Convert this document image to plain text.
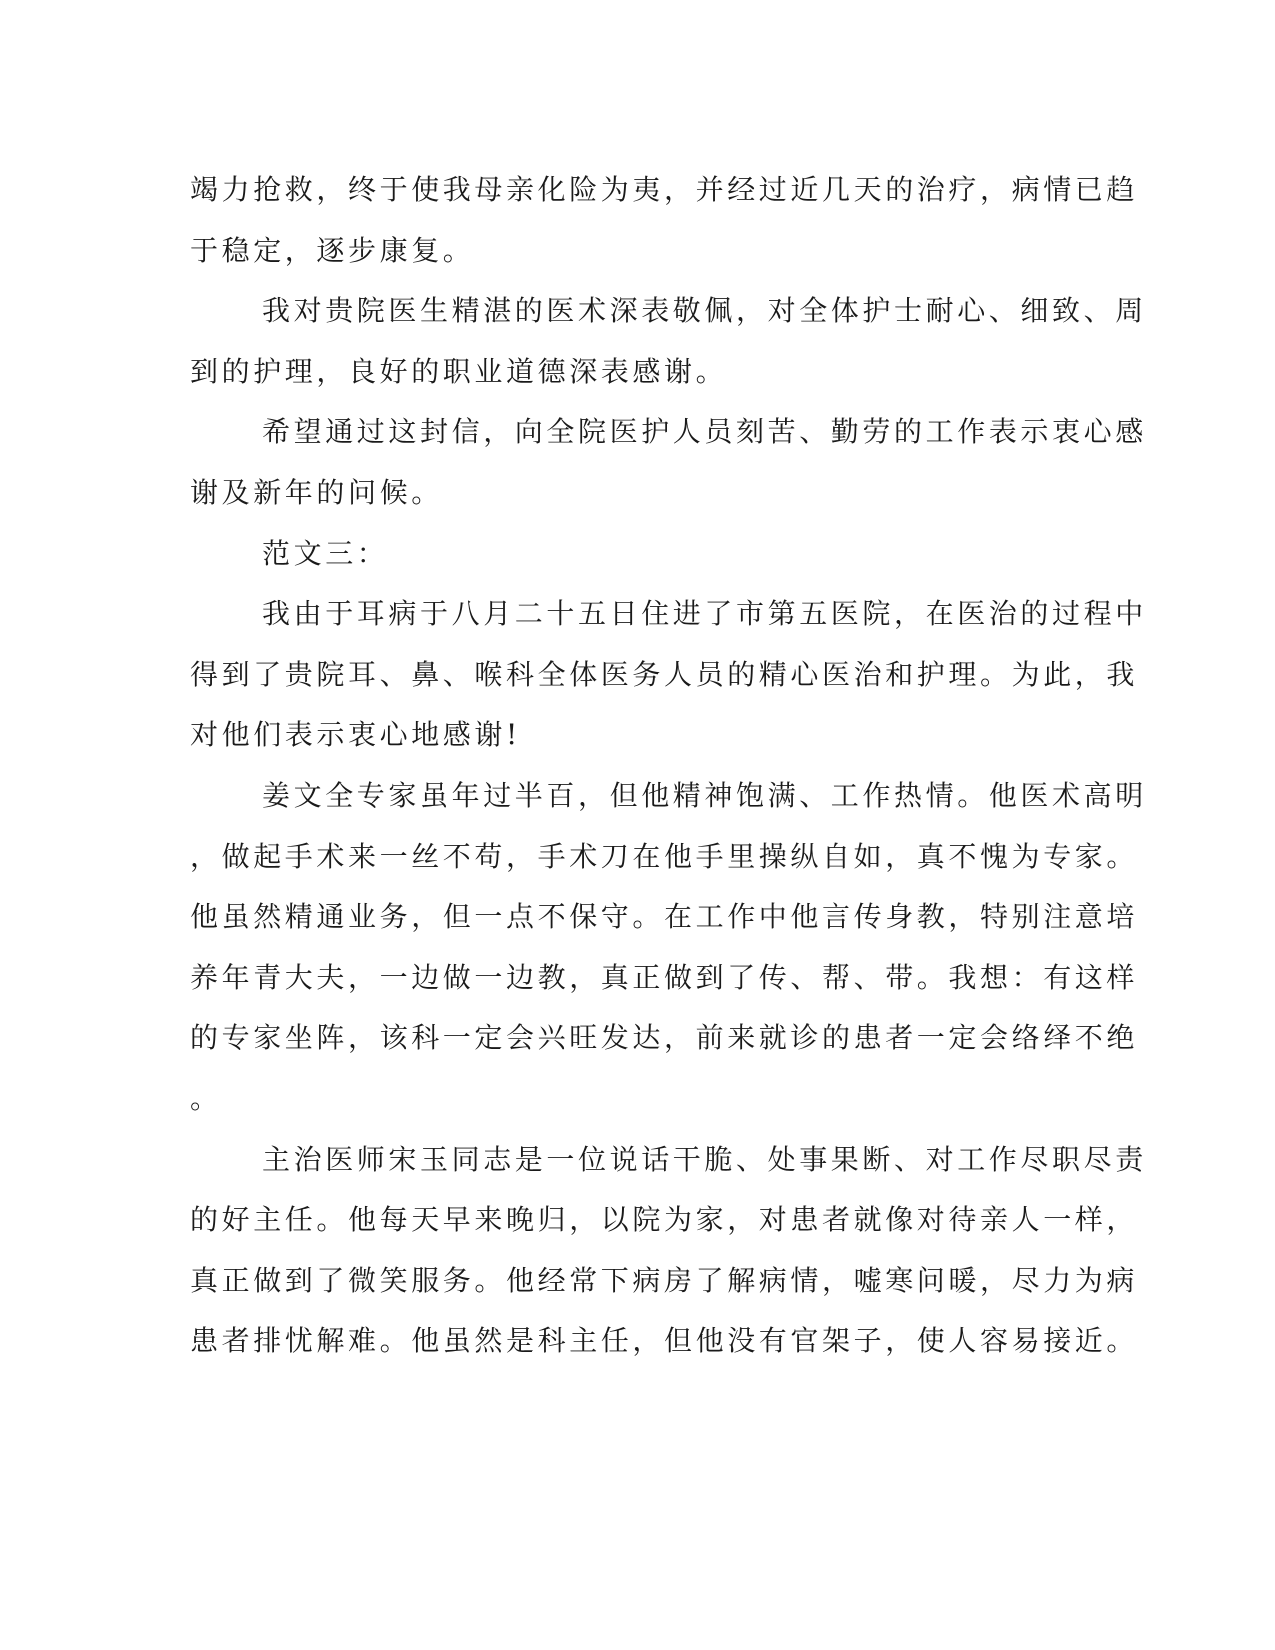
竭力抢救，终于使我母亲化险为夷，并经过近几天的治疗，病情已趋
于稳定，逐步康复。
我对贵院医生精湛的医术深表敬佩，对全体护士耐心、细致、周
到的护理，良好的职业道德深表感谢。
希望通过这封信，向全院医护人员刻苦、勤劳的工作表示衷心感
谢及新年的问候。
范文三：
我由于耳病于八月二十五日住进了市第五医院，在医治的过程中
得到了贵院耳、鼻、喉科全体医务人员的精心医治和护理。为此，我
对他们表示衷心地感谢!
姜文全专家虽年过半百，但他精神饱满、工作热情。他医术高明
，做起手术来一丝不苟，手术刀在他手里操纵自如，真不愧为专家。
他虽然精通业务，但一点不保守。在工作中他言传身教，特别注意培
养年青大夫，一边做一边教，真正做到了传、帮、带。我想：有这样
的专家坐阵，该科一定会兴旺发达，前来就诊的患者一定会络绎不绝
。
主治医师宋玉同志是一位说话干脆、处事果断、对工作尽职尽责
的好主任。他每天早来晚归，以院为家，对患者就像对待亲人一样，
真正做到了微笑服务。他经常下病房了解病情，嘘寒问暖，尽力为病
患者排忧解难。他虽然是科主任，但他没有官架子，使人容易接近。
